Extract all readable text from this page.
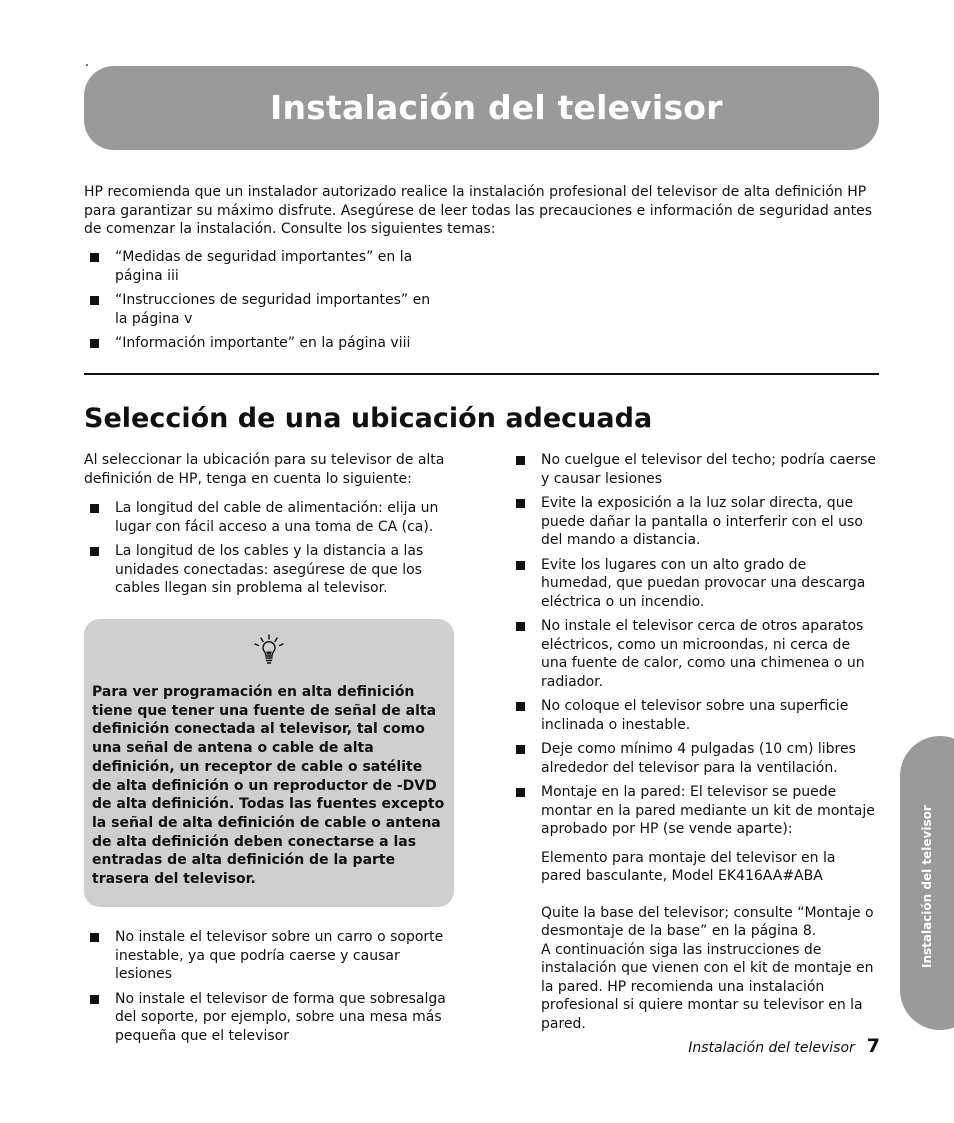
Instalación del televisor

HP recomienda que un instalador autorizado realice la instalación profesional del televisor de alta definición HP para garantizar su máximo disfrute. Asegúrese de leer todas las precauciones e información de seguridad antes de comenzar la instalación. Consulte los siguientes temas:

“Medidas de seguridad importantes” en la página iii
“Instrucciones de seguridad importantes” en la página v
“Información importante” en la página viii
Selección de una ubicación adecuada

Al seleccionar la ubicación para su televisor de alta definición de HP, tenga en cuenta lo siguiente:

La longitud del cable de alimentación: elija un lugar con fácil acceso a una toma de CA (ca).
La longitud de los cables y la distancia a las unidades conectadas: asegúrese de que los cables llegan sin problema al televisor.

Para ver programación en alta definición tiene que tener una fuente de señal de alta definición conectada al televisor, tal como una señal de antena o cable de alta definición, un receptor de cable o satélite de alta definición o un reproductor de -DVD de alta definición. Todas las fuentes excepto la señal de alta definición de cable o antena de alta definición deben conectarse a las entradas de alta definición de la parte trasera del televisor.

No instale el televisor sobre un carro o soporte inestable, ya que podría caerse y causar lesiones
No instale el televisor de forma que sobresalga del soporte, por ejemplo, sobre una mesa más pequeña que el televisor
No cuelgue el televisor del techo; podría caerse y causar lesiones
Evite la exposición a la luz solar directa, que puede dañar la pantalla o interferir con el uso del mando a distancia.
Evite los lugares con un alto grado de humedad, que puedan provocar una descarga eléctrica o un incendio.
No instale el televisor cerca de otros aparatos eléctricos, como un microondas, ni cerca de una fuente de calor, como una chimenea o un radiador.
No coloque el televisor sobre una superficie inclinada o inestable.
Deje como mínimo 4 pulgadas (10 cm) libres alrededor del televisor para la ventilación.
Montaje en la pared: El televisor se puede montar en la pared mediante un kit de montaje aprobado por HP (se vende aparte):

Elemento para montaje del televisor en la pared basculante, Model EK416AA#ABA

Quite la base del televisor; consulte “Montaje o desmontaje de la base” en la página 8.

A continuación siga las instrucciones de instalación que vienen con el kit de montaje en la pared. HP recomienda una instalación profesional si quiere montar su televisor en la pared.

Instalación del televisor
Instalación del televisor 7
